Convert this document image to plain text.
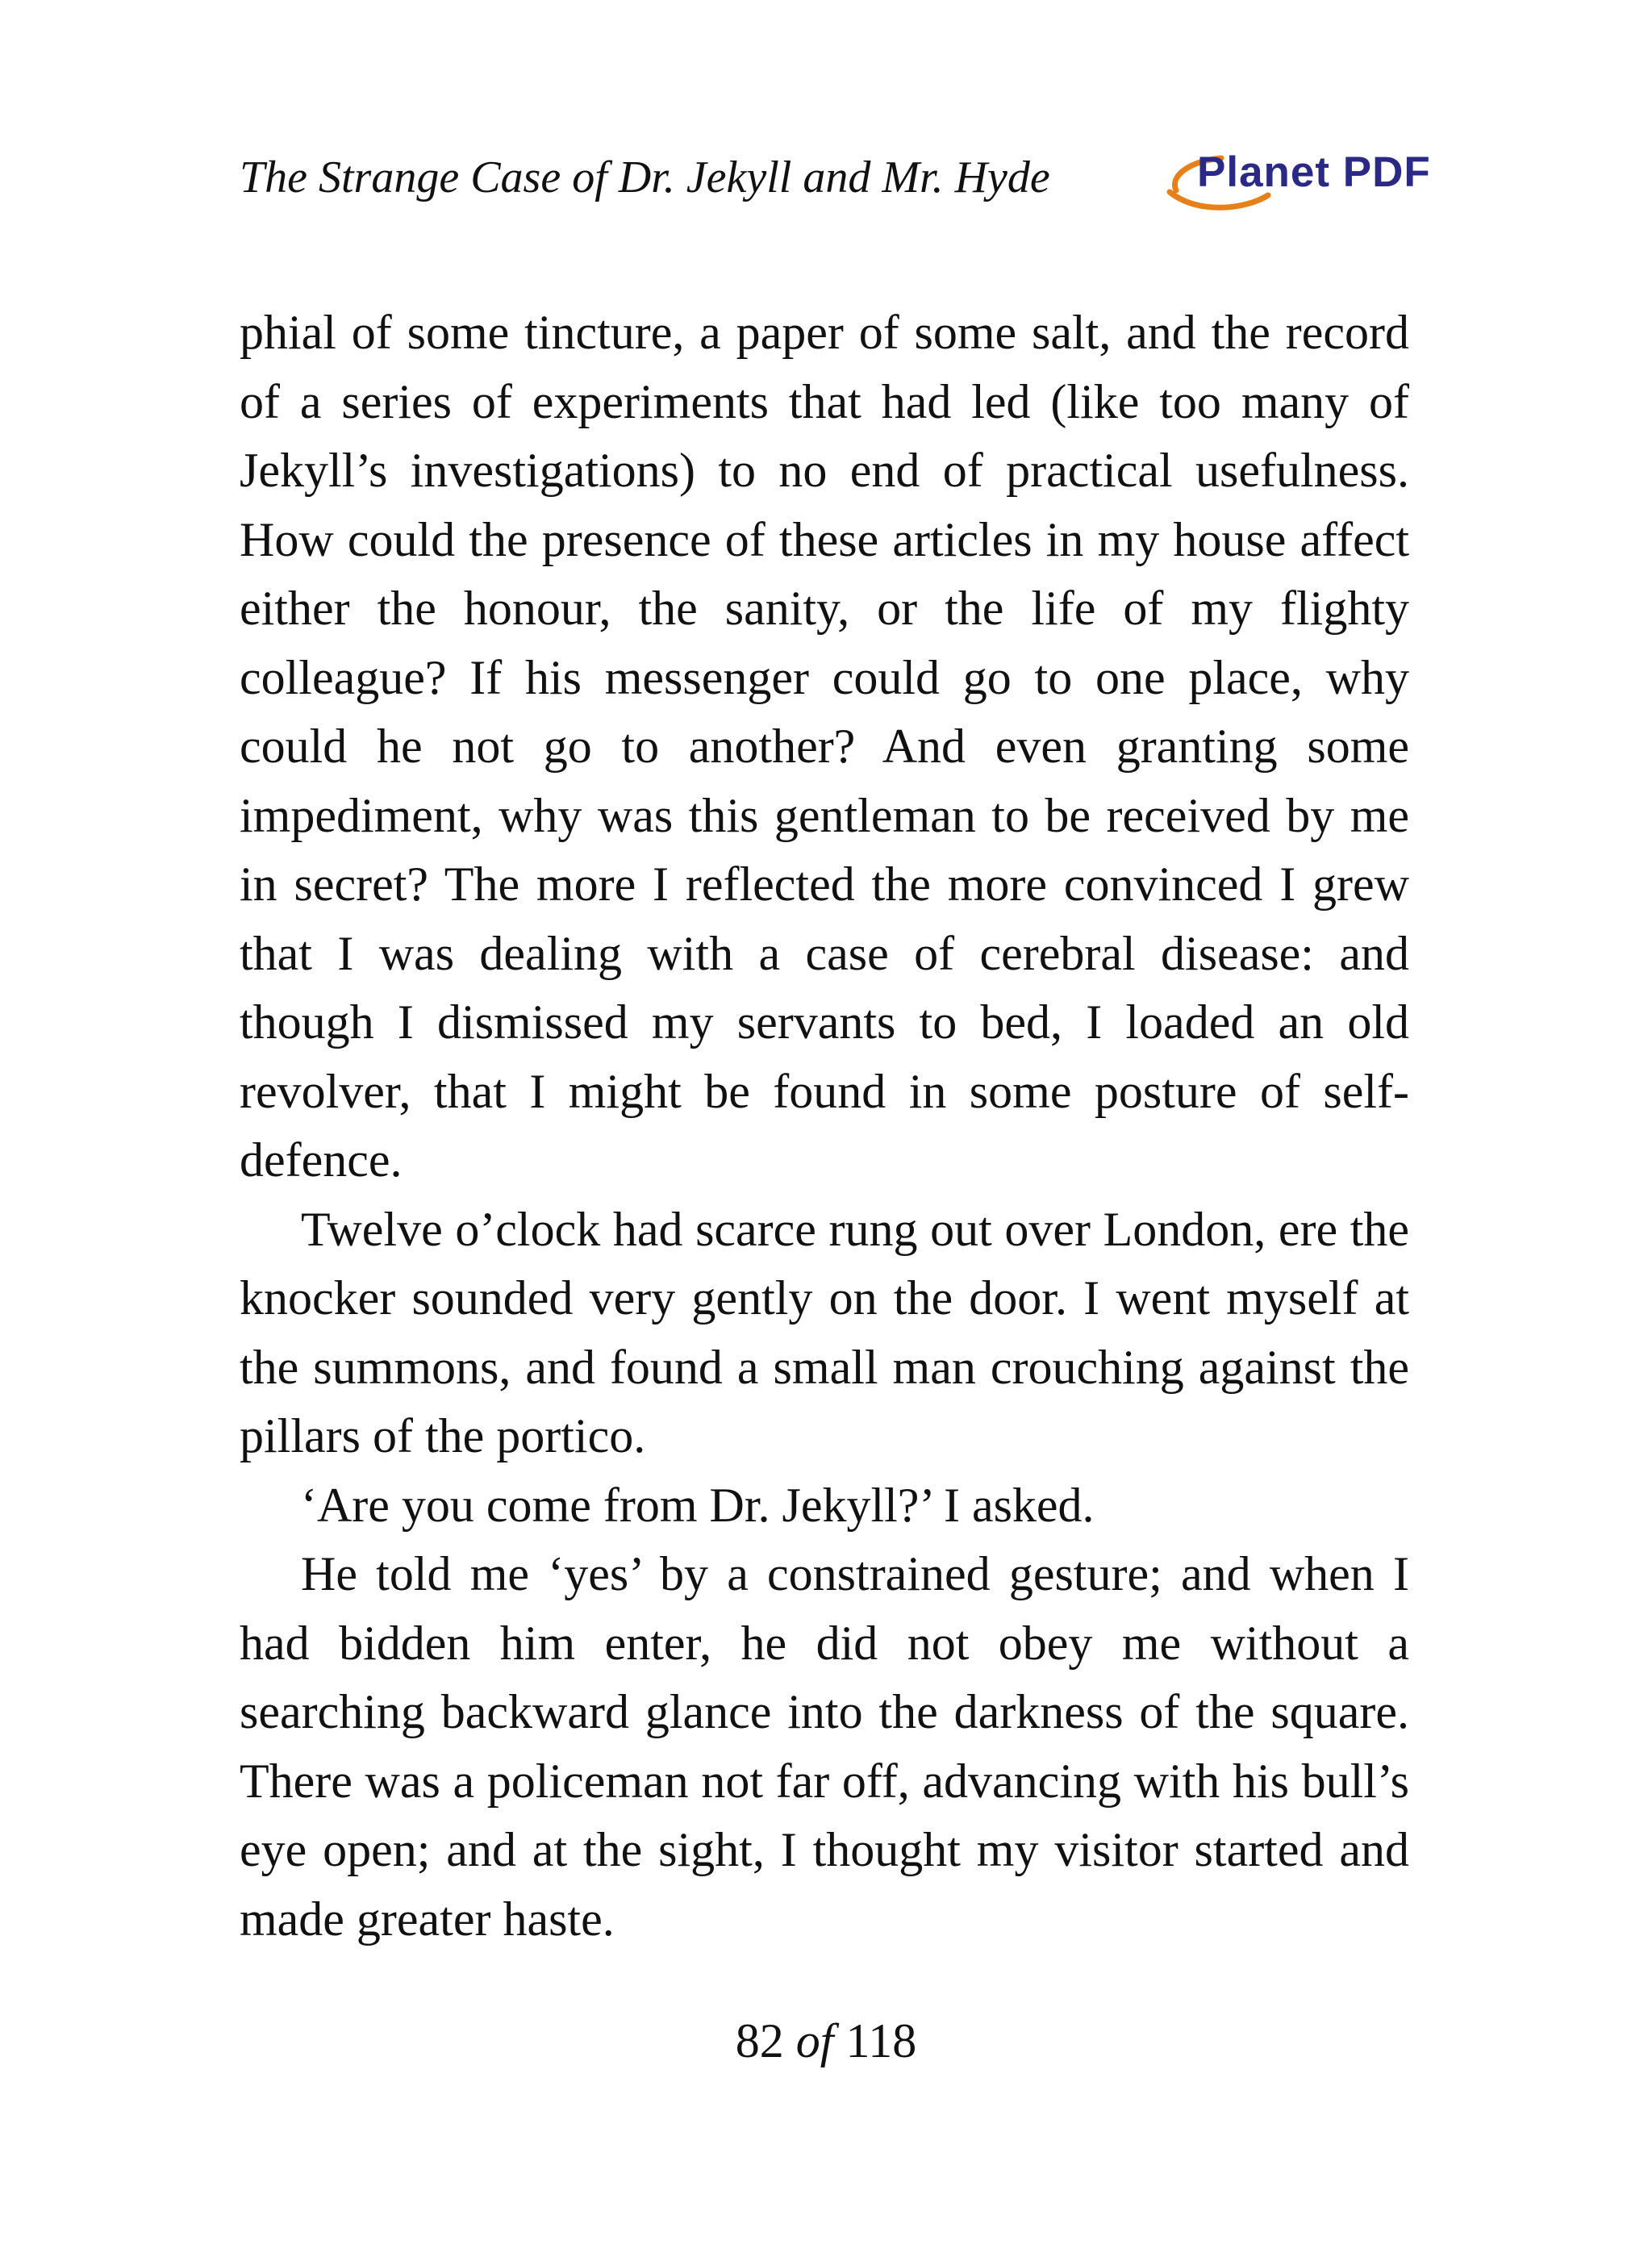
The Strange Case of Dr. Jekyll and Mr. Hyde	Planet PDF

phial of some tincture, a paper of some salt, and the record of a series of experiments that had led (like too many of Jekyll’s investigations) to no end of practical usefulness. How could the presence of these articles in my house affect either the honour, the sanity, or the life of my flighty colleague? If his messenger could go to one place, why could he not go to another? And even granting some impediment, why was this gentleman to be received by me in secret? The more I reflected the more convinced I grew that I was dealing with a case of cerebral disease: and though I dismissed my servants to bed, I loaded an old revolver, that I might be found in some posture of self-defence.

Twelve o’clock had scarce rung out over London, ere the knocker sounded very gently on the door. I went myself at the summons, and found a small man crouching against the pillars of the portico.

‘Are you come from Dr. Jekyll?’ I asked.

He told me ‘yes’ by a constrained gesture; and when I had bidden him enter, he did not obey me without a searching backward glance into the darkness of the square. There was a policeman not far off, advancing with his bull’s eye open; and at the sight, I thought my visitor started and made greater haste.

82 of 118
